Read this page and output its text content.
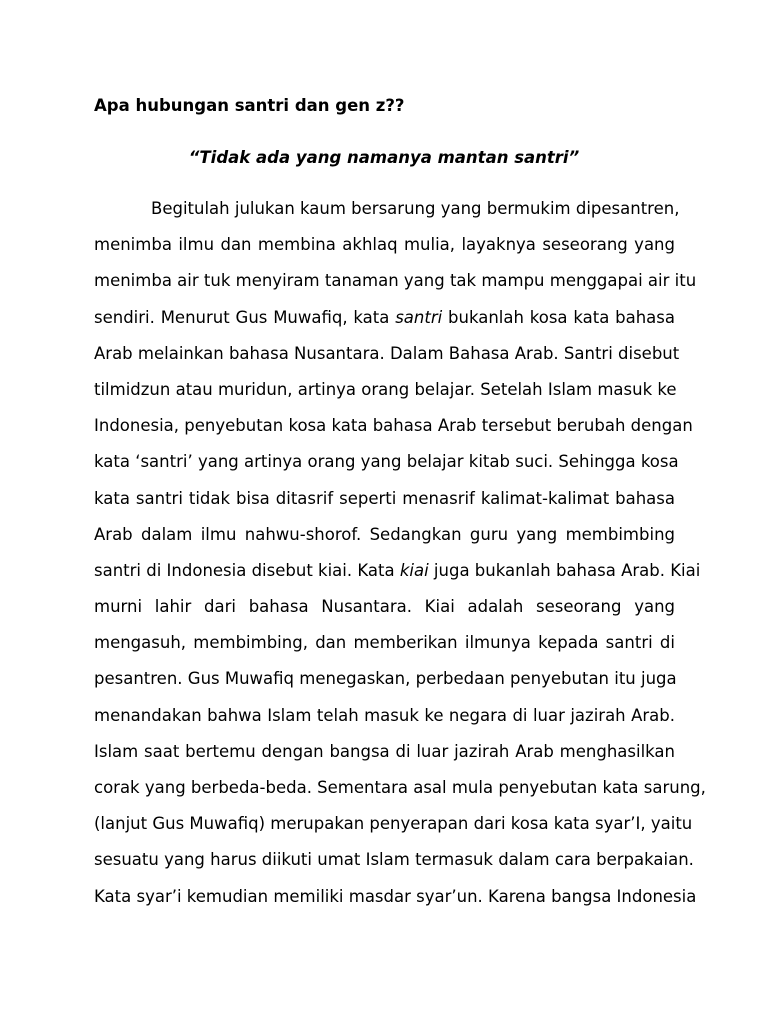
Apa hubungan santri dan gen z??

“Tidak ada yang namanya mantan santri”

Begitulah julukan kaum bersarung yang bermukim dipesantren,
menimba ilmu dan membina akhlaq mulia, layaknya seseorang yang
menimba air tuk menyiram tanaman yang tak mampu menggapai air itu
sendiri. Menurut Gus Muwafiq, kata santri bukanlah kosa kata bahasa
Arab melainkan bahasa Nusantara. Dalam Bahasa Arab. Santri disebut
tilmidzun atau muridun, artinya orang belajar. Setelah Islam masuk ke
Indonesia, penyebutan kosa kata bahasa Arab tersebut berubah dengan
kata ‘santri’ yang artinya orang yang belajar kitab suci. Sehingga kosa
kata santri tidak bisa ditasrif seperti menasrif kalimat-kalimat bahasa
Arab dalam ilmu nahwu-shorof. Sedangkan guru yang membimbing
santri di Indonesia disebut kiai. Kata kiai juga bukanlah bahasa Arab. Kiai
murni lahir dari bahasa Nusantara. Kiai adalah seseorang yang
mengasuh, membimbing, dan memberikan ilmunya kepada santri di
pesantren. Gus Muwafiq menegaskan, perbedaan penyebutan itu juga
menandakan bahwa Islam telah masuk ke negara di luar jazirah Arab.
Islam saat bertemu dengan bangsa di luar jazirah Arab menghasilkan
corak yang berbeda-beda. Sementara asal mula penyebutan kata sarung,
(lanjut Gus Muwafiq) merupakan penyerapan dari kosa kata syar’I, yaitu
sesuatu yang harus diikuti umat Islam termasuk dalam cara berpakaian.
Kata syar’i kemudian memiliki masdar syar’un. Karena bangsa Indonesia
